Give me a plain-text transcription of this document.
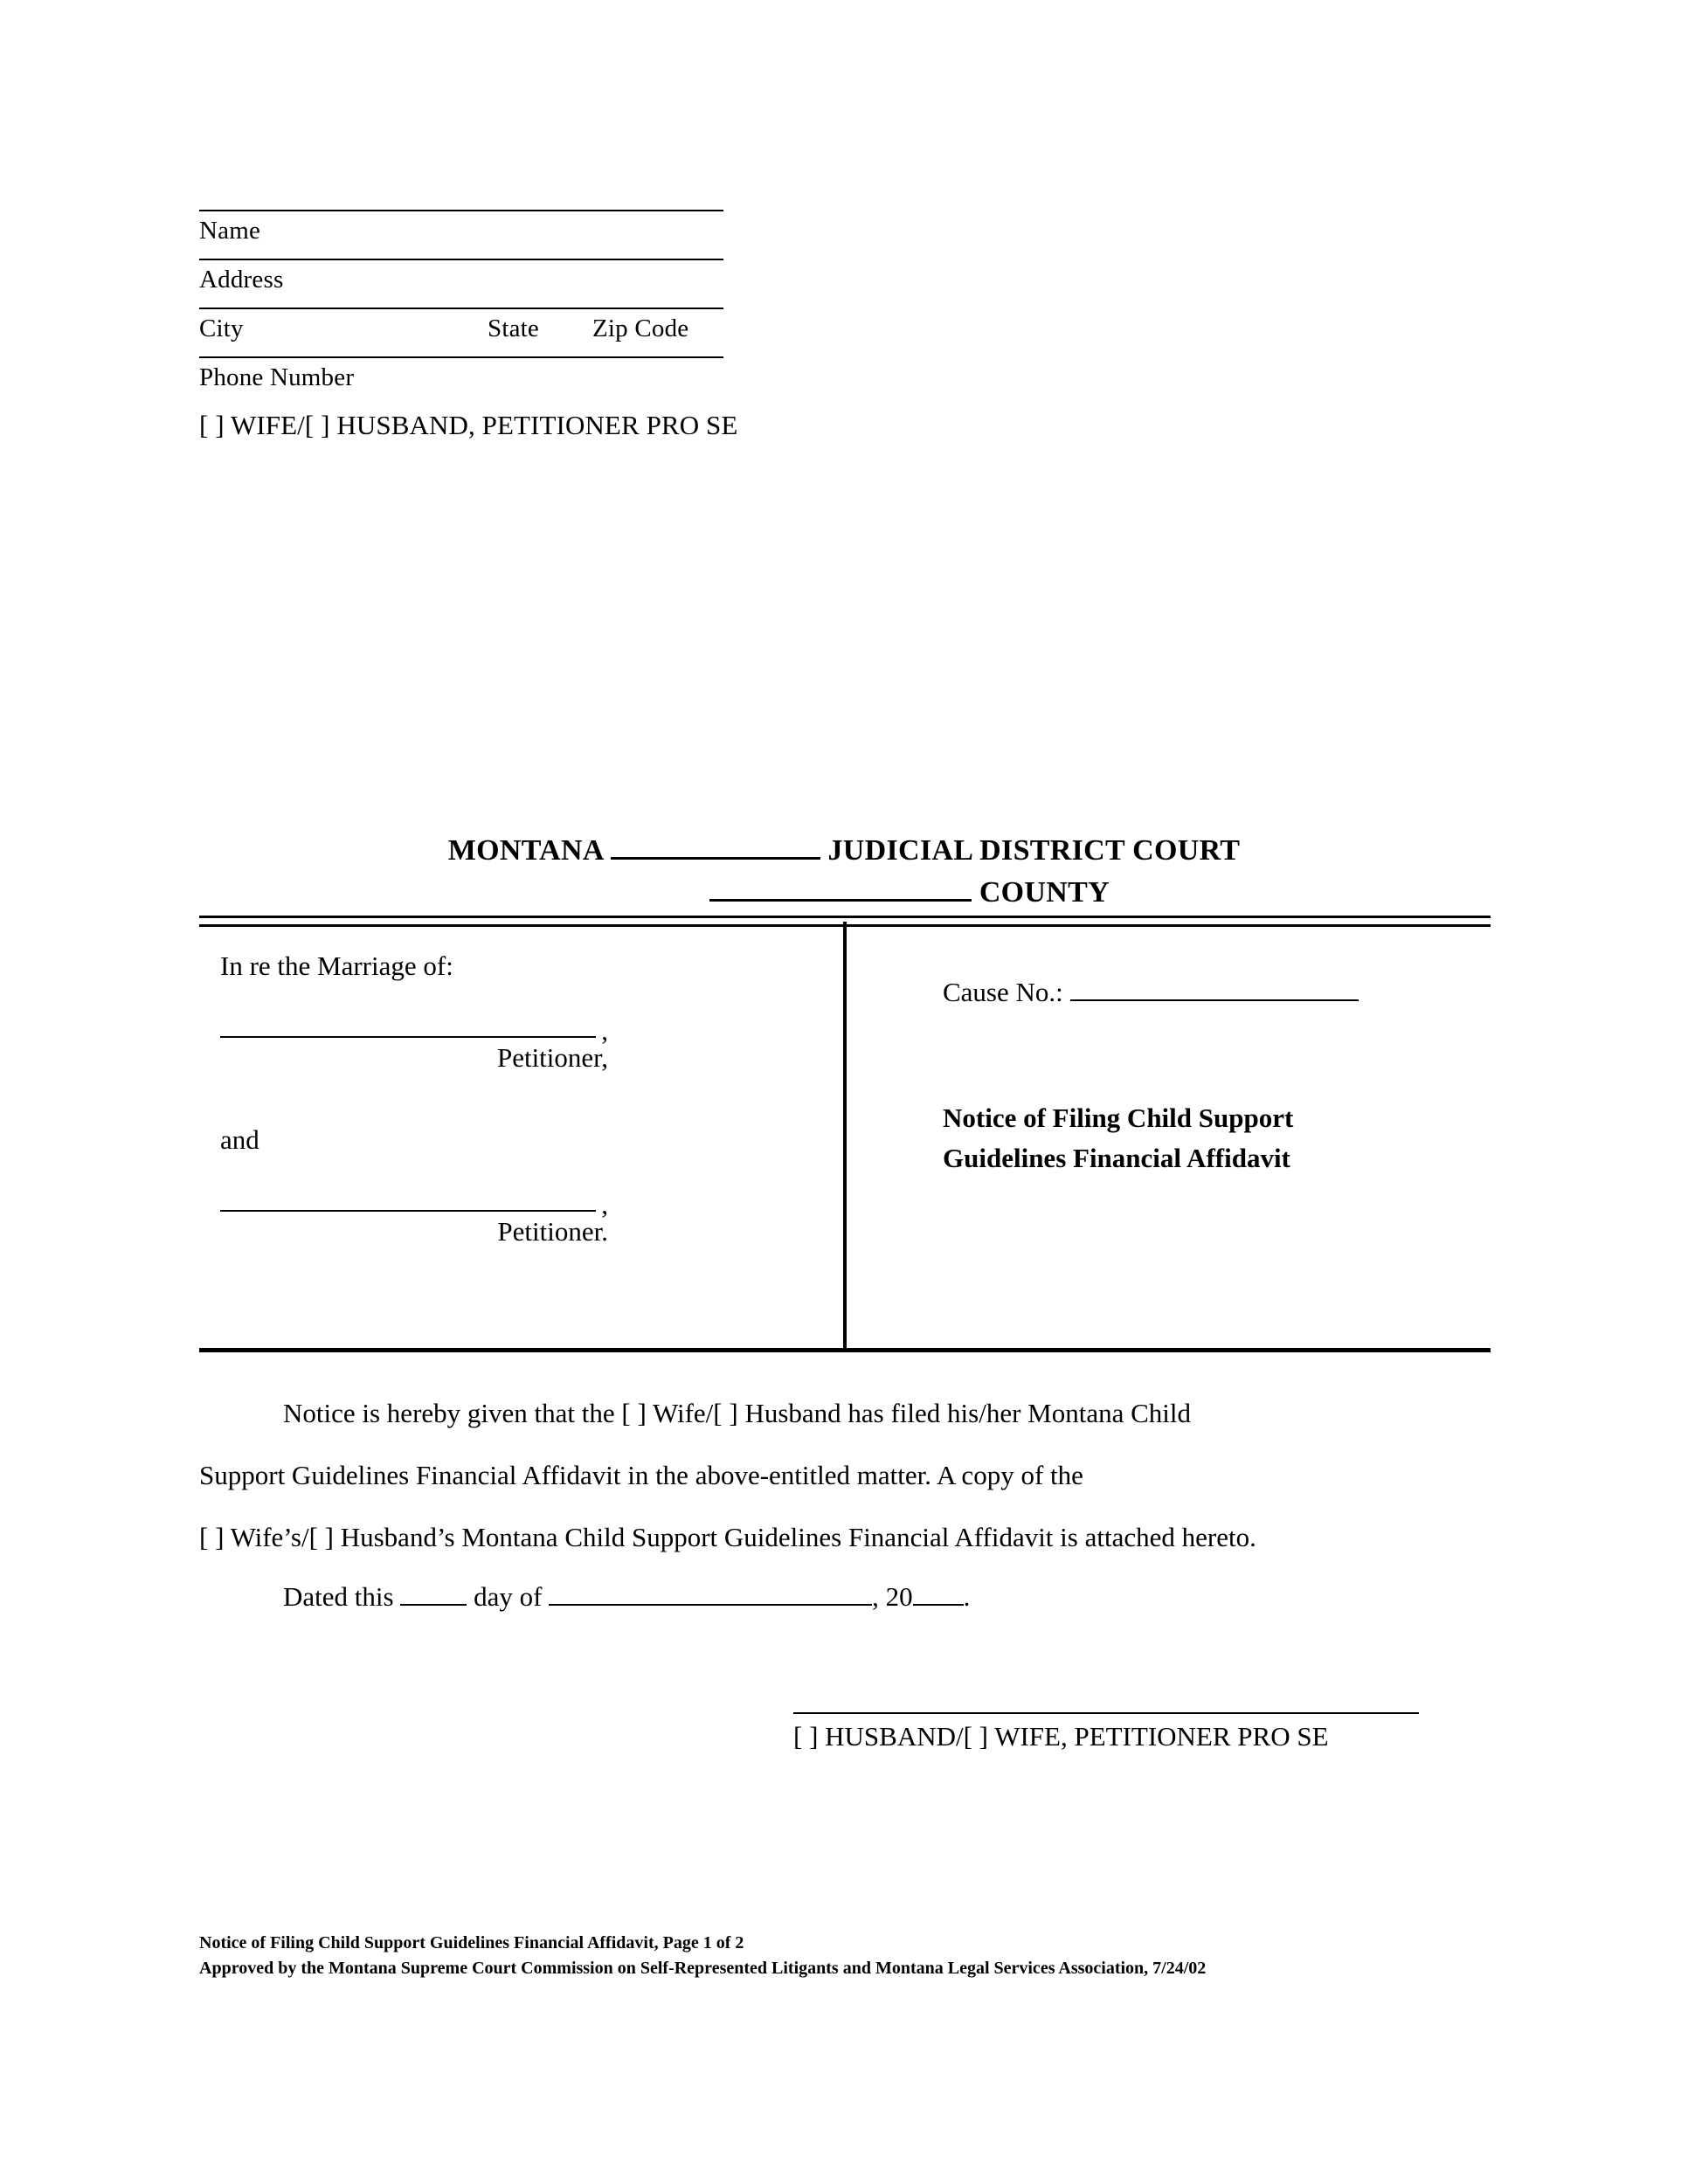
Name
Address
City	State	Zip Code
Phone Number
[ ] WIFE/[ ] HUSBAND, PETITIONER PRO SE
MONTANA	JUDICIAL DISTRICT COURT
COUNTY
In re the Marriage of:
,
Petitioner,
and
,
Petitioner.
Cause No.:
Notice of Filing Child Support
Guidelines Financial Affidavit

Notice is hereby given that the [ ] Wife/[ ] Husband has filed his/her Montana Child

Support Guidelines Financial Affidavit in the above-entitled matter. A copy of the

[ ] Wife’s/[ ] Husband’s Montana Child Support Guidelines Financial Affidavit is attached hereto.

Dated this	day of	, 20 .
[ ] HUSBAND/[ ] WIFE, PETITIONER PRO SE
Notice of Filing Child Support Guidelines Financial Affidavit, Page 1 of 2
Approved by the Montana Supreme Court Commission on Self-Represented Litigants and Montana Legal Services Association, 7/24/02
